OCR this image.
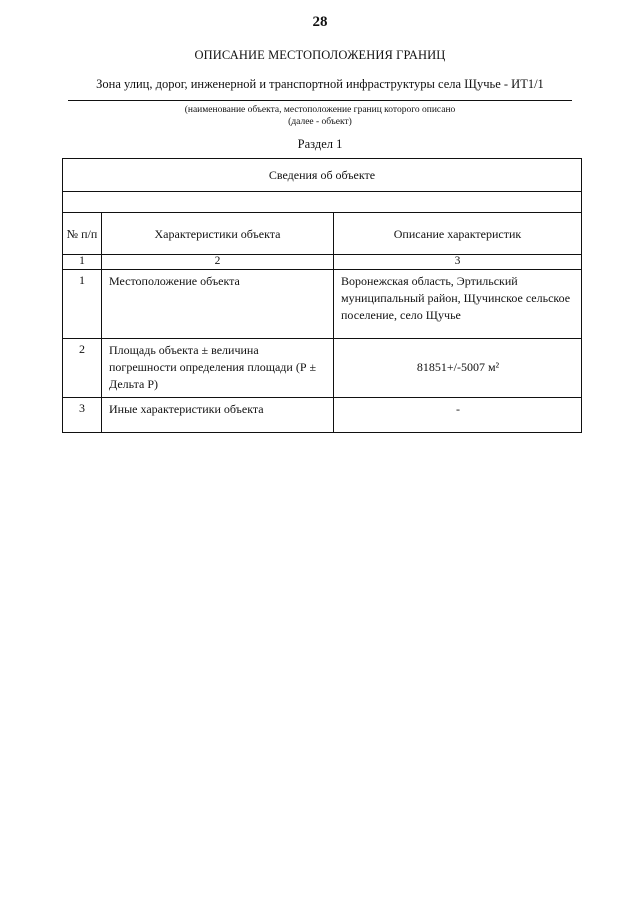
28
ОПИСАНИЕ МЕСТОПОЛОЖЕНИЯ ГРАНИЦ
Зона улиц, дорог, инженерной и транспортной инфраструктуры села Щучье - ИТ1/1
(наименование объекта, местоположение границ которого описано
(далее - объект)
Раздел 1
Сведения об объекте		

№ п/п	Характеристики объекта	Описание характеристик
1	2	3
1	Местоположение объекта	Воронежская область, Эртильский муниципальный район, Щучинское сельское поселение, село Щучье
2	Площадь объекта ± величина погрешности определения площади (Р ± Дельта Р)	81851+/-5007 м²
3	Иные характеристики объекта	-
